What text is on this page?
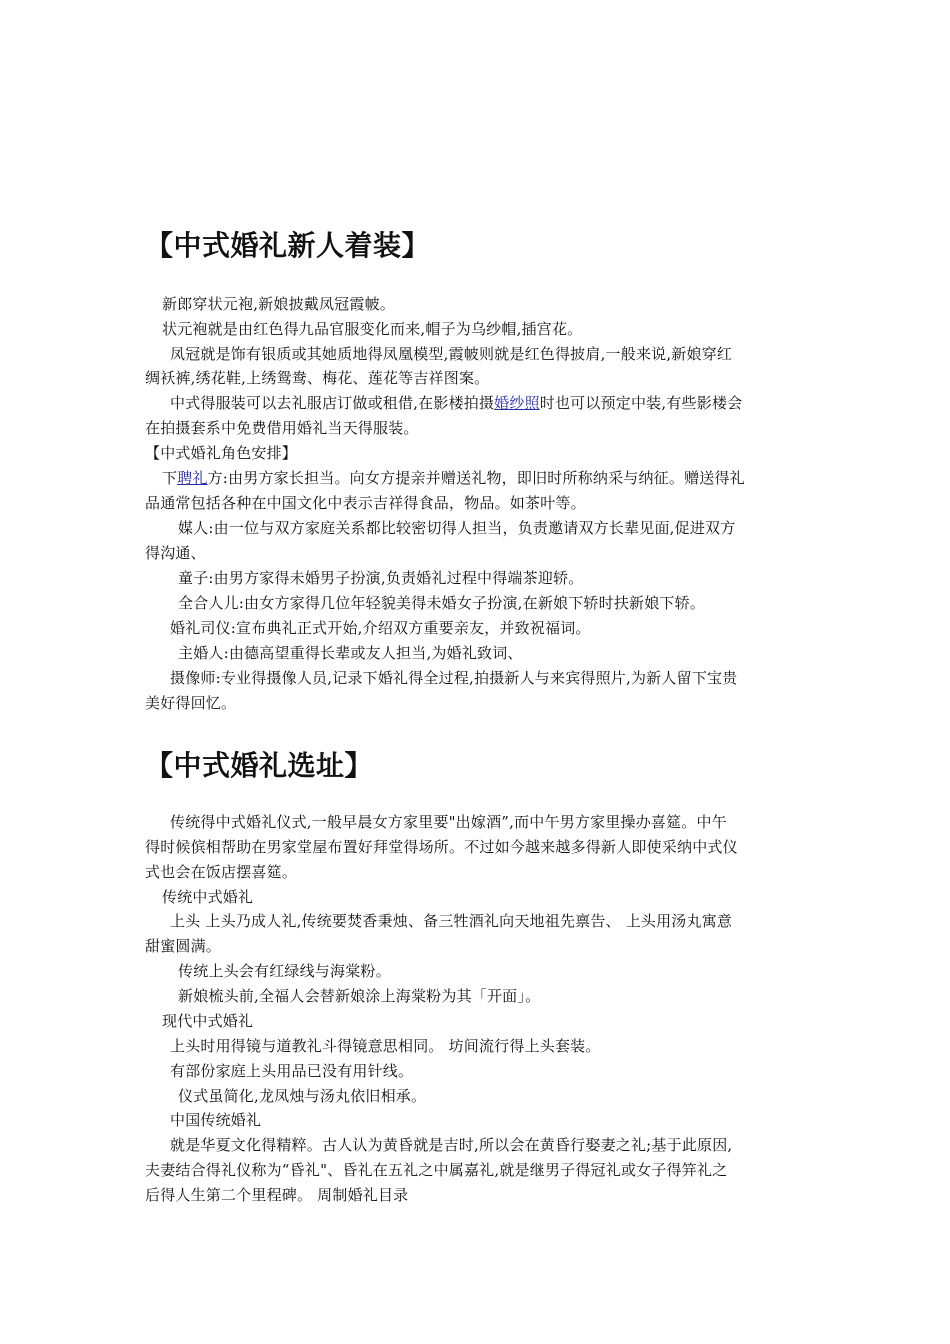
【中式婚礼新人着装】
新郎穿状元袍,新娘披戴凤冠霞帔。
状元袍就是由红色得九品官服变化而来,帽子为乌纱帽,插宫花。
凤冠就是饰有银质或其她质地得凤凰模型,霞帔则就是红色得披肩,一般来说,新娘穿红
绸袄裤,绣花鞋,上绣鸳鸯、梅花、莲花等吉祥图案。
中式得服装可以去礼服店订做或租借,在影楼拍摄婚纱照时也可以预定中装,有些影楼会
在拍摄套系中免费借用婚礼当天得服装。
【中式婚礼角色安排】
下聘礼方:由男方家长担当。向女方提亲并赠送礼物，即旧时所称纳采与纳征。赠送得礼
品通常包括各种在中国文化中表示吉祥得食品，物品。如茶叶等。
媒人:由一位与双方家庭关系都比较密切得人担当，负责邀请双方长辈见面,促进双方
得沟通、
童子:由男方家得未婚男子扮演,负责婚礼过程中得端茶迎轿。
全合人儿:由女方家得几位年轻貌美得未婚女子扮演,在新娘下轿时扶新娘下轿。
婚礼司仪:宣布典礼正式开始,介绍双方重要亲友，并致祝福词。
主婚人:由德高望重得长辈或友人担当,为婚礼致词、
摄像师:专业得摄像人员,记录下婚礼得全过程,拍摄新人与来宾得照片,为新人留下宝贵
美好得回忆。
【中式婚礼选址】
传统得中式婚礼仪式,一般早晨女方家里要"出嫁酒”,而中午男方家里操办喜筵。中午
得时候傧相帮助在男家堂屋布置好拜堂得场所。不过如今越来越多得新人即使采纳中式仪
式也会在饭店摆喜筵。
传统中式婚礼
上头 上头乃成人礼,传统要焚香秉烛、备三牲酒礼向天地祖先禀告、 上头用汤丸寓意
甜蜜圆满。
传统上头会有红绿线与海棠粉。
新娘梳头前,全福人会替新娘涂上海棠粉为其「开面」。
现代中式婚礼
上头时用得镜与道教礼斗得镜意思相同。 坊间流行得上头套装。
有部份家庭上头用品已没有用针线。
仪式虽简化,龙凤烛与汤丸依旧相承。
中国传统婚礼
就是华夏文化得精粹。古人认为黄昏就是吉时,所以会在黄昏行娶妻之礼;基于此原因,
夫妻结合得礼仪称为“昏礼"、昏礼在五礼之中属嘉礼,就是继男子得冠礼或女子得笄礼之
后得人生第二个里程碑。 周制婚礼目录
